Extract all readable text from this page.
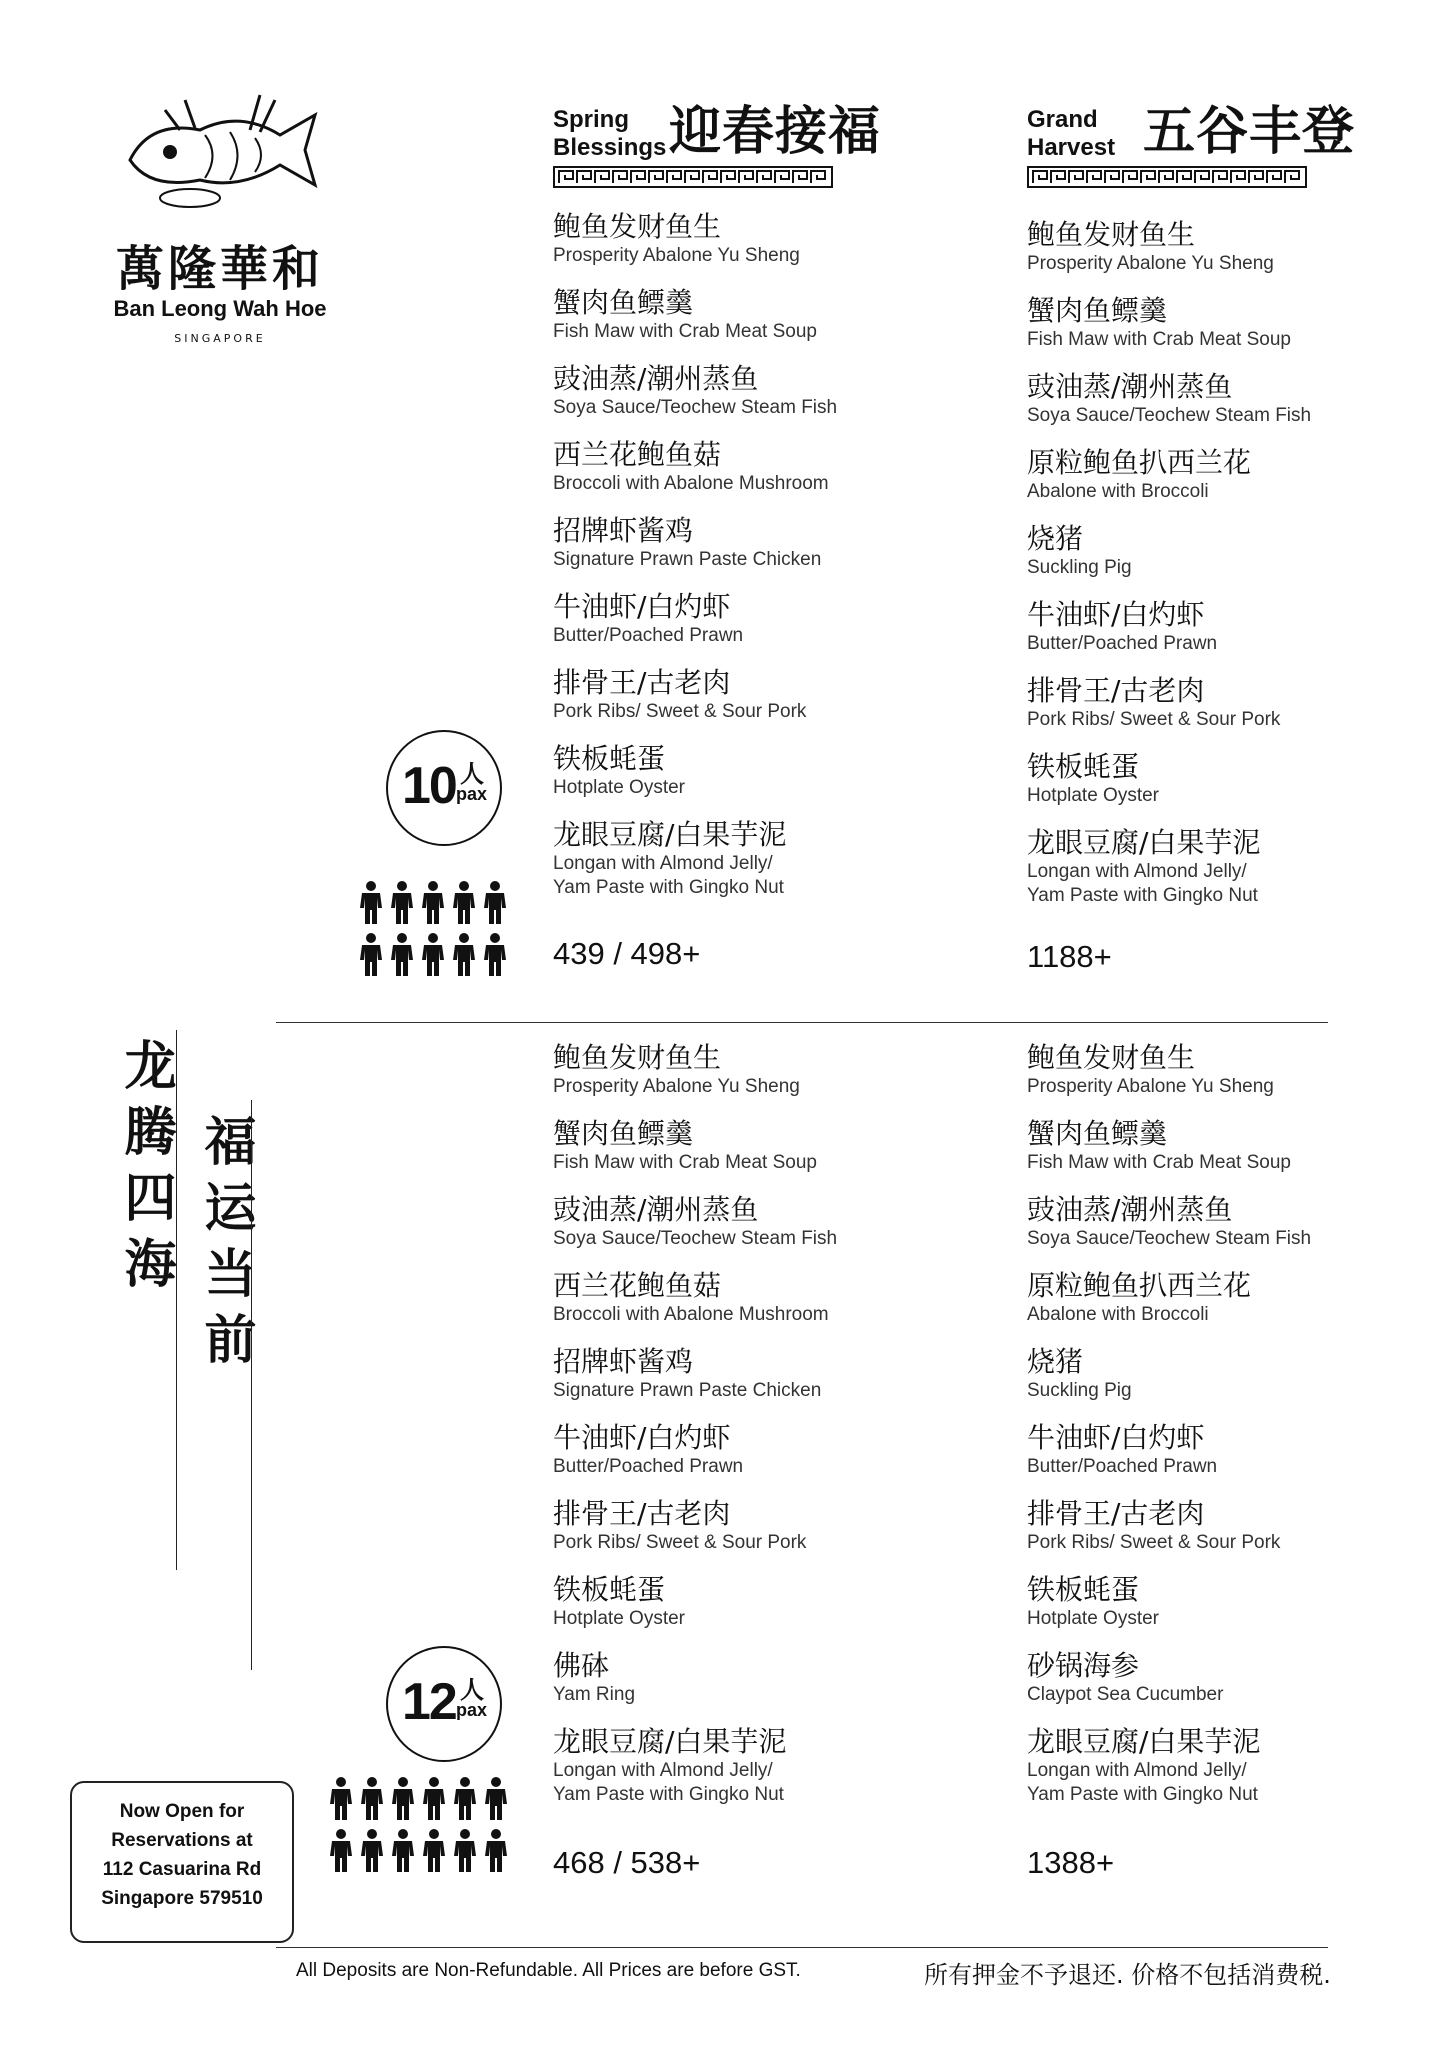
萬隆華和
Ban Leong Wah Hoe
SINGAPORE
Spring
Blessings 迎春接福	Grand
Harvest 五谷丰登
鲍鱼发财鱼生
Prosperity Abalone Yu Sheng
蟹肉鱼鳔羹
Fish Maw with Crab Meat Soup
豉油蒸/潮州蒸鱼
Soya Sauce/Teochew Steam Fish
西兰花鲍鱼菇
Broccoli with Abalone Mushroom
招牌虾酱鸡
Signature Prawn Paste Chicken
牛油虾/白灼虾
Butter/Poached Prawn
排骨王/古老肉
Pork Ribs/ Sweet & Sour Pork
铁板蚝蛋
Hotplate Oyster
龙眼豆腐/白果芋泥
Longan with Almond Jelly/
Yam Paste with Gingko Nut
鲍鱼发财鱼生
Prosperity Abalone Yu Sheng
蟹肉鱼鳔羹
Fish Maw with Crab Meat Soup
豉油蒸/潮州蒸鱼
Soya Sauce/Teochew Steam Fish
原粒鲍鱼扒西兰花
Abalone with Broccoli
烧猪
Suckling Pig
牛油虾/白灼虾
Butter/Poached Prawn
排骨王/古老肉
Pork Ribs/ Sweet & Sour Pork
铁板蚝蛋
Hotplate Oyster
龙眼豆腐/白果芋泥
Longan with Almond Jelly/
Yam Paste with Gingko Nut
鲍鱼发财鱼生
Prosperity Abalone Yu Sheng
蟹肉鱼鳔羹
Fish Maw with Crab Meat Soup
豉油蒸/潮州蒸鱼
Soya Sauce/Teochew Steam Fish
西兰花鲍鱼菇
Broccoli with Abalone Mushroom
招牌虾酱鸡
Signature Prawn Paste Chicken
牛油虾/白灼虾
Butter/Poached Prawn
排骨王/古老肉
Pork Ribs/ Sweet & Sour Pork
铁板蚝蛋
Hotplate Oyster
佛砵
Yam Ring
龙眼豆腐/白果芋泥
Longan with Almond Jelly/
Yam Paste with Gingko Nut
鲍鱼发财鱼生
Prosperity Abalone Yu Sheng
蟹肉鱼鳔羹
Fish Maw with Crab Meat Soup
豉油蒸/潮州蒸鱼
Soya Sauce/Teochew Steam Fish
原粒鲍鱼扒西兰花
Abalone with Broccoli
烧猪
Suckling Pig
牛油虾/白灼虾
Butter/Poached Prawn
排骨王/古老肉
Pork Ribs/ Sweet & Sour Pork
铁板蚝蛋
Hotplate Oyster
砂锅海参
Claypot Sea Cucumber
龙眼豆腐/白果芋泥
Longan with Almond Jelly/
Yam Paste with Gingko Nut
439 / 498+	1188+
468 / 538+	1388+
10 人
pax
12 人
pax
福运当前
龙腾四海
Now Open for
Reservations at
112 Casuarina Rd
Singapore 579510
All Deposits are Non-Refundable. All Prices are before GST.	所有押金不予退还. 价格不包括消费税.
